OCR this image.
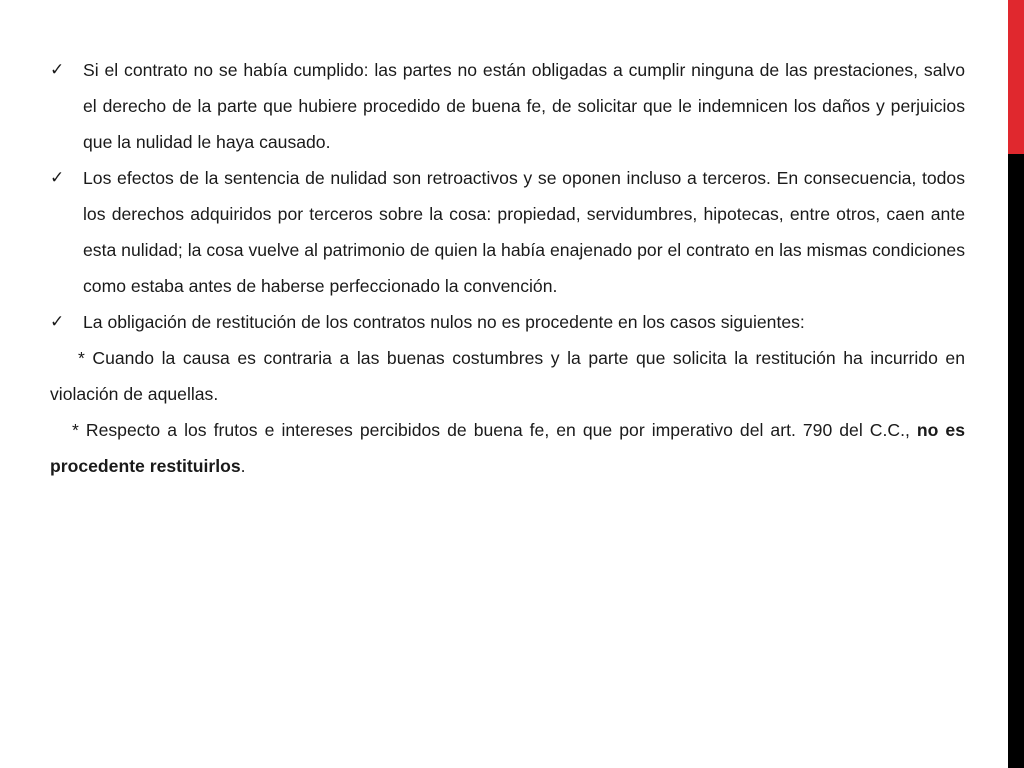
✓	Si el contrato no se había cumplido: las partes no están obligadas a cumplir ninguna de las prestaciones, salvo el derecho de la parte que hubiere procedido de buena fe, de solicitar que le indemnicen los daños y perjuicios que la nulidad le haya causado.
✓	Los efectos de la sentencia de nulidad son retroactivos y se oponen incluso a terceros. En consecuencia, todos los derechos adquiridos por terceros sobre la cosa: propiedad, servidumbres, hipotecas, entre otros, caen ante esta nulidad; la cosa vuelve al patrimonio de quien la había enajenado por el contrato en las mismas condiciones como estaba antes de haberse perfeccionado la convención.
✓	La obligación de restitución de los contratos nulos no es procedente en los casos siguientes:
* Cuando la causa es contraria a las buenas costumbres y la parte que solicita la restitución ha incurrido en violación de aquellas.
* Respecto a los frutos e intereses percibidos de buena fe, en que por imperativo del art. 790 del C.C., no es procedente restituirlos.
